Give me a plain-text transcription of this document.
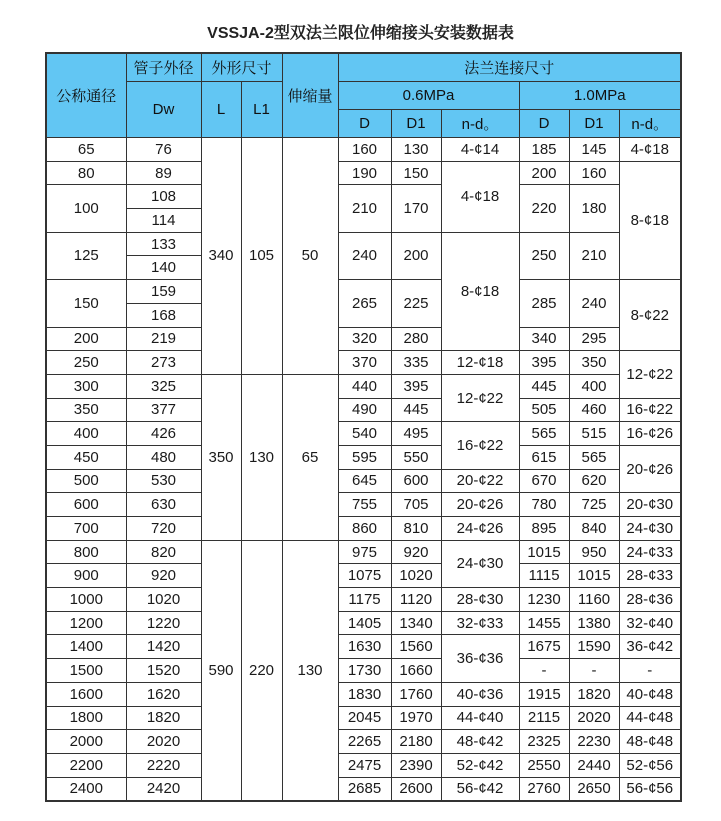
VSSJA-2型双法兰限位伸缩接头安装数据表
公称通径	管子外径	外形尺寸		伸缩量	法兰连接尺寸					
	Dw	L	L1		0.6MPa			1.0MPa		
					D	D1	n-d。	D	D1	n-d。
65	76	340	105	50	160	130	4-¢14	185	145	4-¢18
80	89				190	150	4-¢18	200	160	8-¢18
100	108				210	170		220	180	
	114									
125	133				240	200	8-¢18	250	210	
	140									
150	159				265	225		285	240	8-¢22
	168									
200	219				320	280		340	295	
250	273				370	335	12-¢18	395	350	12-¢22
300	325	350	130	65	440	395	12-¢22	445	400	
350	377				490	445		505	460	16-¢22
400	426				540	495	16-¢22	565	515	16-¢26
450	480				595	550		615	565	20-¢26
500	530				645	600	20-¢22	670	620	
600	630				755	705	20-¢26	780	725	20-¢30
700	720				860	810	24-¢26	895	840	24-¢30
800	820	590	220	130	975	920	24-¢30	1015	950	24-¢33
900	920				1075	1020		1115	1015	28-¢33
1000	1020				1175	1120	28-¢30	1230	1160	28-¢36
1200	1220				1405	1340	32-¢33	1455	1380	32-¢40
1400	1420				1630	1560	36-¢36	1675	1590	36-¢42
1500	1520				1730	1660		-	-	-
1600	1620				1830	1760	40-¢36	1915	1820	40-¢48
1800	1820				2045	1970	44-¢40	2115	2020	44-¢48
2000	2020				2265	2180	48-¢42	2325	2230	48-¢48
2200	2220				2475	2390	52-¢42	2550	2440	52-¢56
2400	2420				2685	2600	56-¢42	2760	2650	56-¢56
